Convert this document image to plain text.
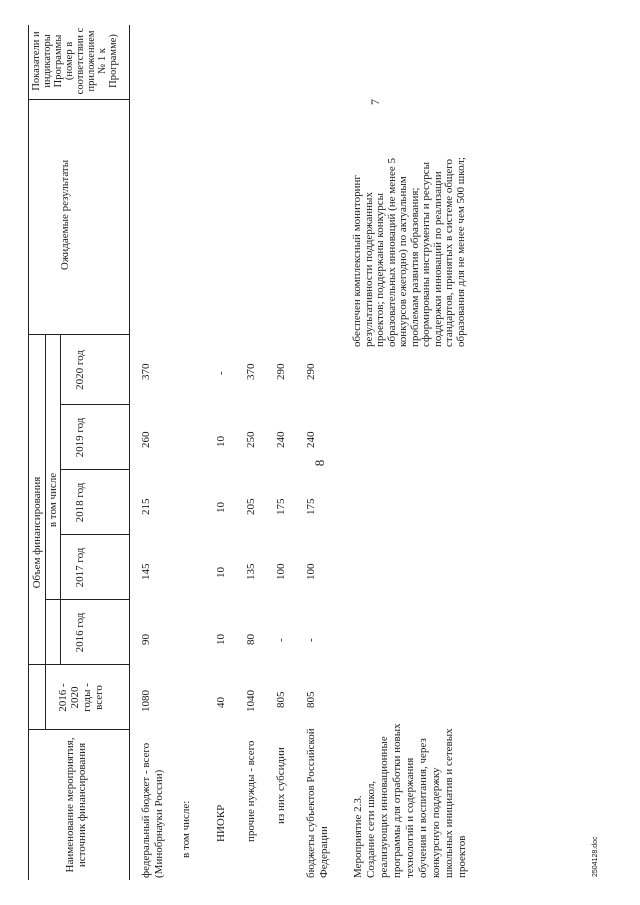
8
Наименование мероприятия, источник финансирования
Объем финансирования
2016 - 2020 годы - всего
в том числе
2016 год
2017 год
2018 год
2019 год
2020 год
Ожидаемые результаты
Показатели и индикаторы Программы (номер в соответствии с приложением № 1 к Программе)
федеральный бюджет - всего (Минобрнауки России)
1080
90
145
215
260
370
в том числе: НИОКР
40
10
10
10
10
-
прочие нужды - всего
1040
80
135
205
250
370
из них субсидии
805
-
100
175
240
290
бюджеты субъектов Российской Федерации
805
-
100
175
240
290
Мероприятие 2.3. Создание сети школ, реализующих инновационные программы для отработки новых технологий и содержания обучения и воспитания, через конкурсную поддержку школьных инициатив и сетевых проектов
обеспечен комплексный мониторинг результативности поддержанных проектов; поддержаны конкурсы образовательных инноваций (не менее 5 конкурсов ежегодно) по актуальным проблемам развития образования; сформированы инструменты и ресурсы поддержки инноваций по реализации стандартов, принятых в системе общего образования для не менее чем 500 школ;
7
2504128.doc
